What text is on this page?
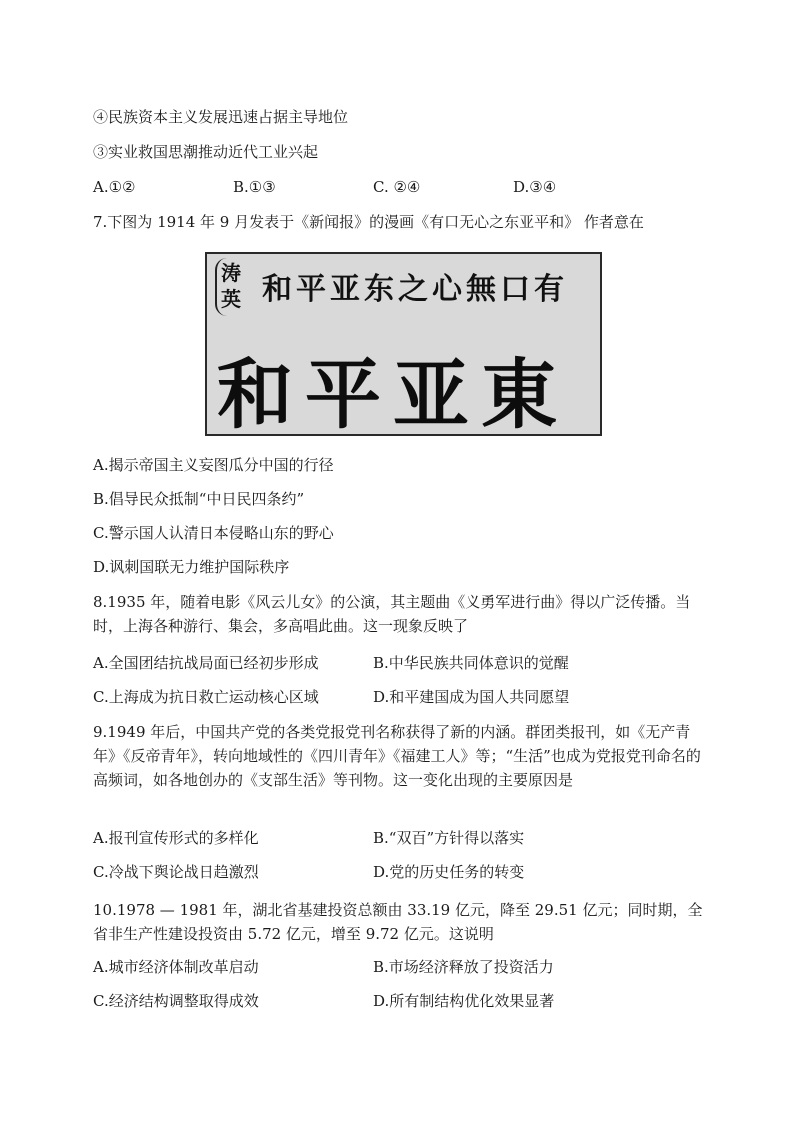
④民族资本主义发展迅速占据主导地位
③实业救国思潮推动近代工业兴起
A.①②	B.①③	C. ②④	D.③④
7.下图为 1914 年 9 月发表于《新闻报》的漫画《有口无心之东亚平和》 作者意在
涛英 和平亚东之心無口有
和平亚東
A.揭示帝国主义妄图瓜分中国的行径
B.倡导民众抵制“中日民四条约”
C.警示国人认清日本侵略山东的野心
D.讽刺国联无力维护国际秩序
8.1935 年，随着电影《风云儿女》的公演，其主题曲《义勇军进行曲》得以广泛传播。当时，上海各种游行、集会，多高唱此曲。这一现象反映了
A.全国团结抗战局面已经初步形成	B.中华民族共同体意识的觉醒
C.上海成为抗日救亡运动核心区域	D.和平建国成为国人共同愿望
9.1949 年后，中国共产党的各类党报党刊名称获得了新的内涵。群团类报刊，如《无产青年》《反帝青年》，转向地域性的《四川青年》《福建工人》等；“生活”也成为党报党刊命名的高频词，如各地创办的《支部生活》等刊物。这一变化出现的主要原因是
A.报刊宣传形式的多样化	B.“双百”方针得以落实
C.冷战下舆论战日趋激烈	D.党的历史任务的转变
10.1978 — 1981 年，湖北省基建投资总额由 33.19 亿元，降至 29.51 亿元；同时期，全省非生产性建设投资由 5.72 亿元，增至 9.72 亿元。这说明
A.城市经济体制改革启动	B.市场经济释放了投资活力
C.经济结构调整取得成效	D.所有制结构优化效果显著
